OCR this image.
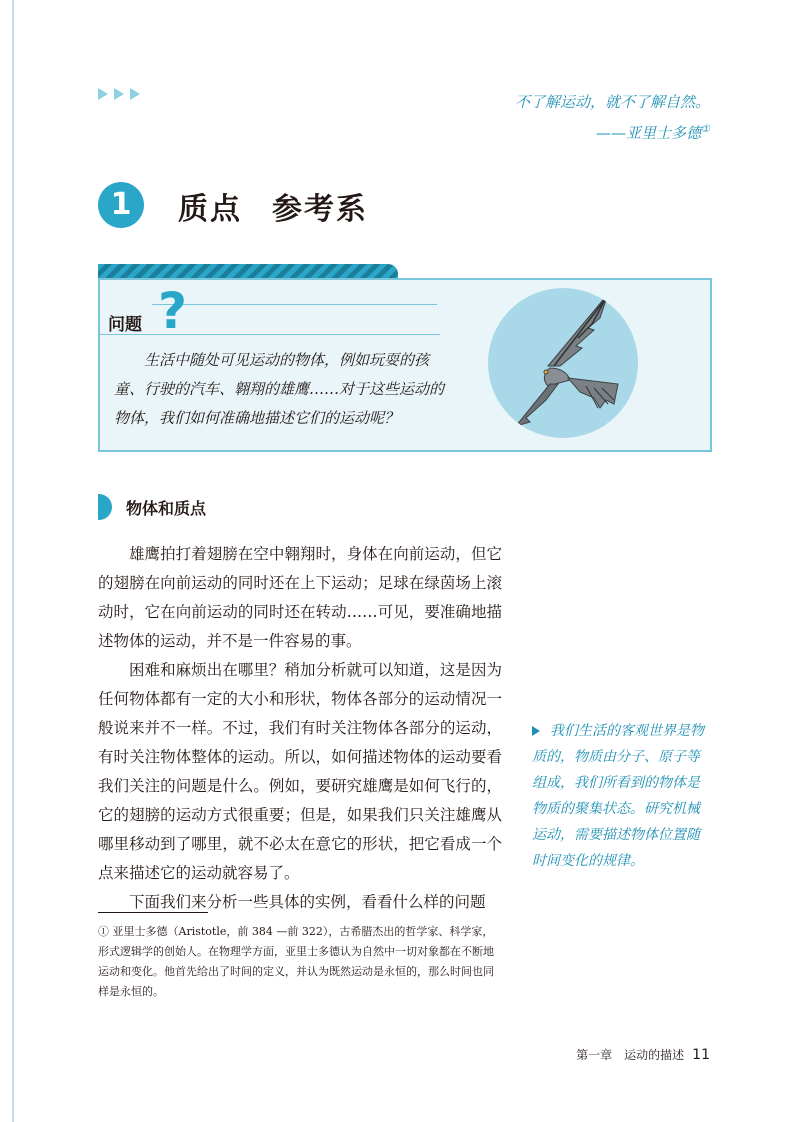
不了解运动，就不了解自然。
——亚里士多德①
1	质点 参考系
问题 ?
生活中随处可见运动的物体，例如玩耍的孩童、行驶的汽车、翱翔的雄鹰……对于这些运动的物体，我们如何准确地描述它们的运动呢？
物体和质点

雄鹰拍打着翅膀在空中翱翔时，身体在向前运动，但它的翅膀在向前运动的同时还在上下运动；足球在绿茵场上滚动时，它在向前运动的同时还在转动……可见，要准确地描述物体的运动，并不是一件容易的事。

困难和麻烦出在哪里？稍加分析就可以知道，这是因为任何物体都有一定的大小和形状，物体各部分的运动情况一般说来并不一样。不过，我们有时关注物体各部分的运动，有时关注物体整体的运动。所以，如何描述物体的运动要看我们关注的问题是什么。例如，要研究雄鹰是如何飞行的，它的翅膀的运动方式很重要；但是，如果我们只关注雄鹰从哪里移动到了哪里，就不必太在意它的形状，把它看成一个点来描述它的运动就容易了。

下面我们来分析一些具体的实例，看看什么样的问题

我们生活的客观世界是物质的，物质由分子、原子等组成，我们所看到的物体是物质的聚集状态。研究机械运动，需要描述物体位置随时间变化的规律。
① 亚里士多德（Aristotle，前 384 —前 322），古希腊杰出的哲学家、科学家，形式逻辑学的创始人。在物理学方面，亚里士多德认为自然中一切对象都在不断地运动和变化。他首先给出了时间的定义，并认为既然运动是永恒的，那么时间也同样是永恒的。
第一章　运动的描述 11
